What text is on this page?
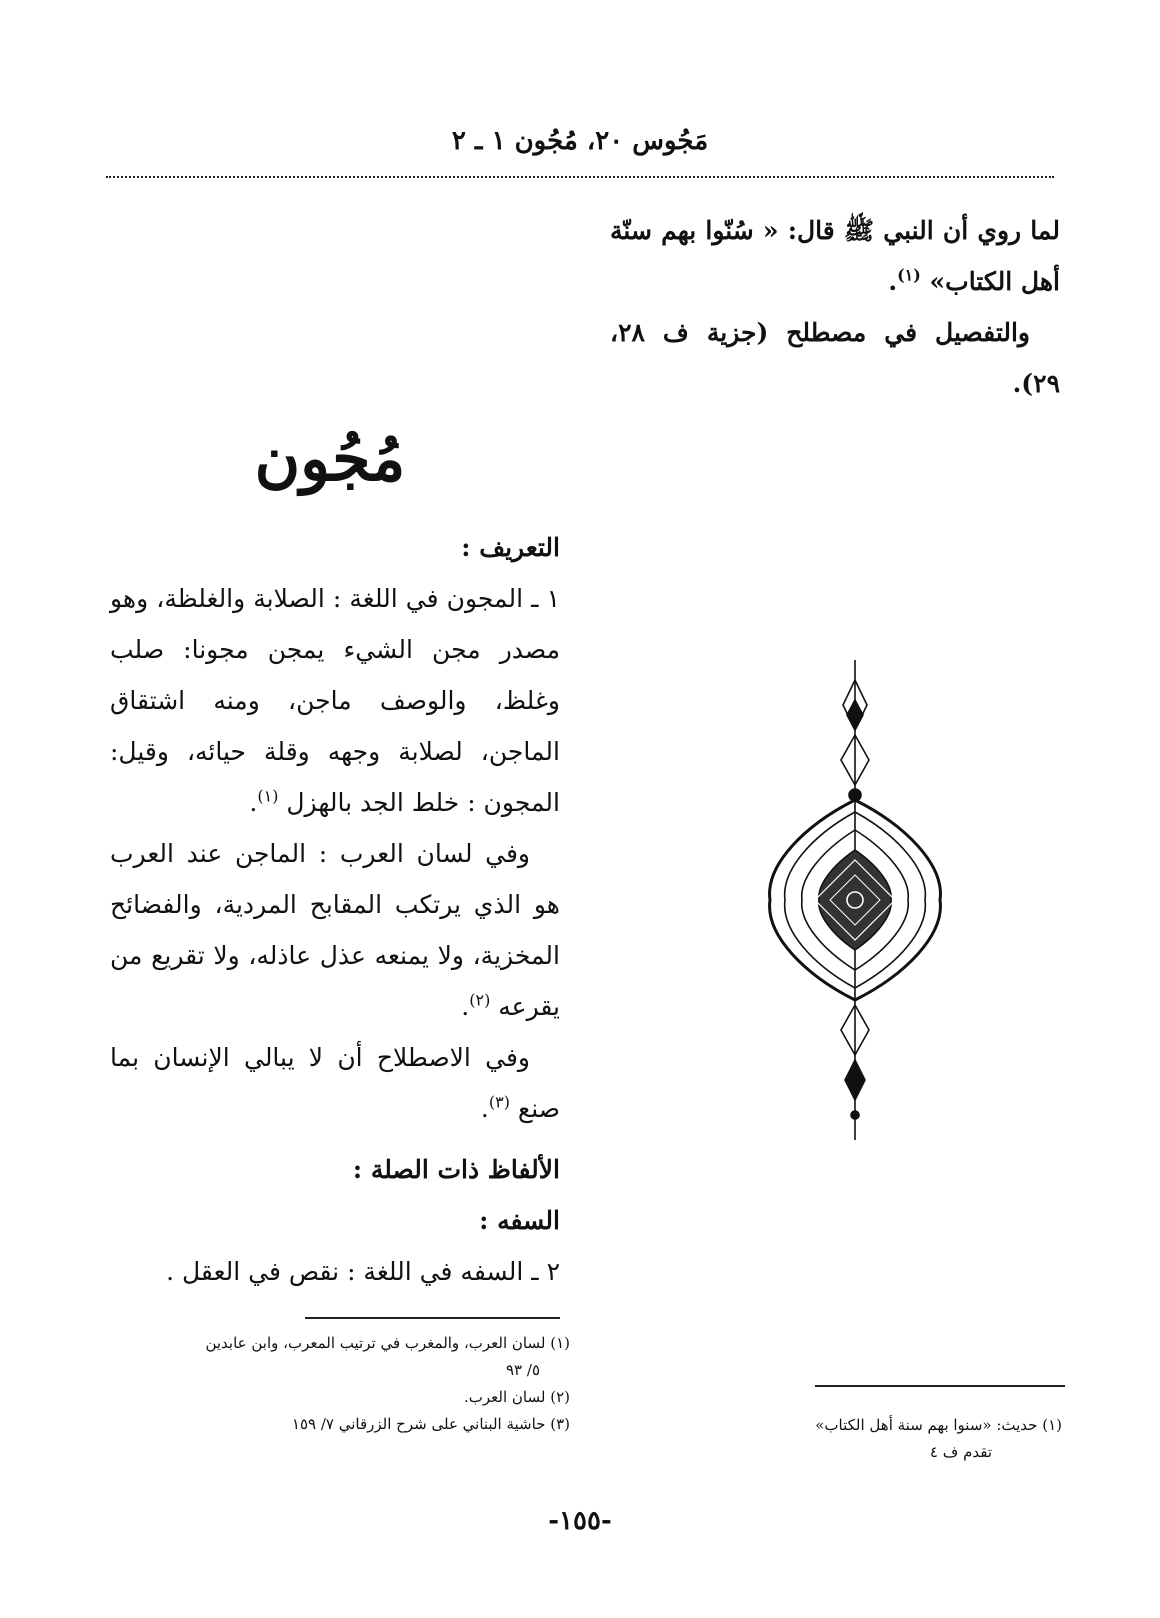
مَجُوس ٢٠، مُجُون ١ ـ ٢

لما روي أن النبي ﷺ قال: « سُنّوا بهم سنّة أهل الكتاب» $^{(١)}$.

والتفصيل في مصطلح (جزية ف ٢٨، ٢٩).

مُجُون

التعريف :

١ ـ المجون في اللغة : الصلابة والغلظة، وهو مصدر مجن الشيء يمجن مجونا: صلب وغلظ، والوصف ماجن، ومنه اشتقاق الماجن، لصلابة وجهه وقلة حيائه، وقيل: المجون : خلط الجد بالهزل $^{(١)}$.

وفي لسان العرب : الماجن عند العرب هو الذي يرتكب المقابح المردية، والفضائح المخزية، ولا يمنعه عذل عاذله، ولا تقريع من يقرعه $^{(٢)}$.

وفي الاصطلاح أن لا يبالي الإنسان بما صنع $^{(٣)}$.

الألفاظ ذات الصلة :

السفه :

٢ ـ السفه في اللغة : نقص في العقل .

(١) لسان العرب، والمغرب في ترتيب المعرب، وابن عابدين

٥/ ٩٣

(٢) لسان العرب.

(٣) حاشية البناني على شرح الزرقاني ٧/ ١٥٩	(١) حديث: «سنوا بهم سنة أهل الكتاب»

تقدم ف ٤

-١٥٥-
